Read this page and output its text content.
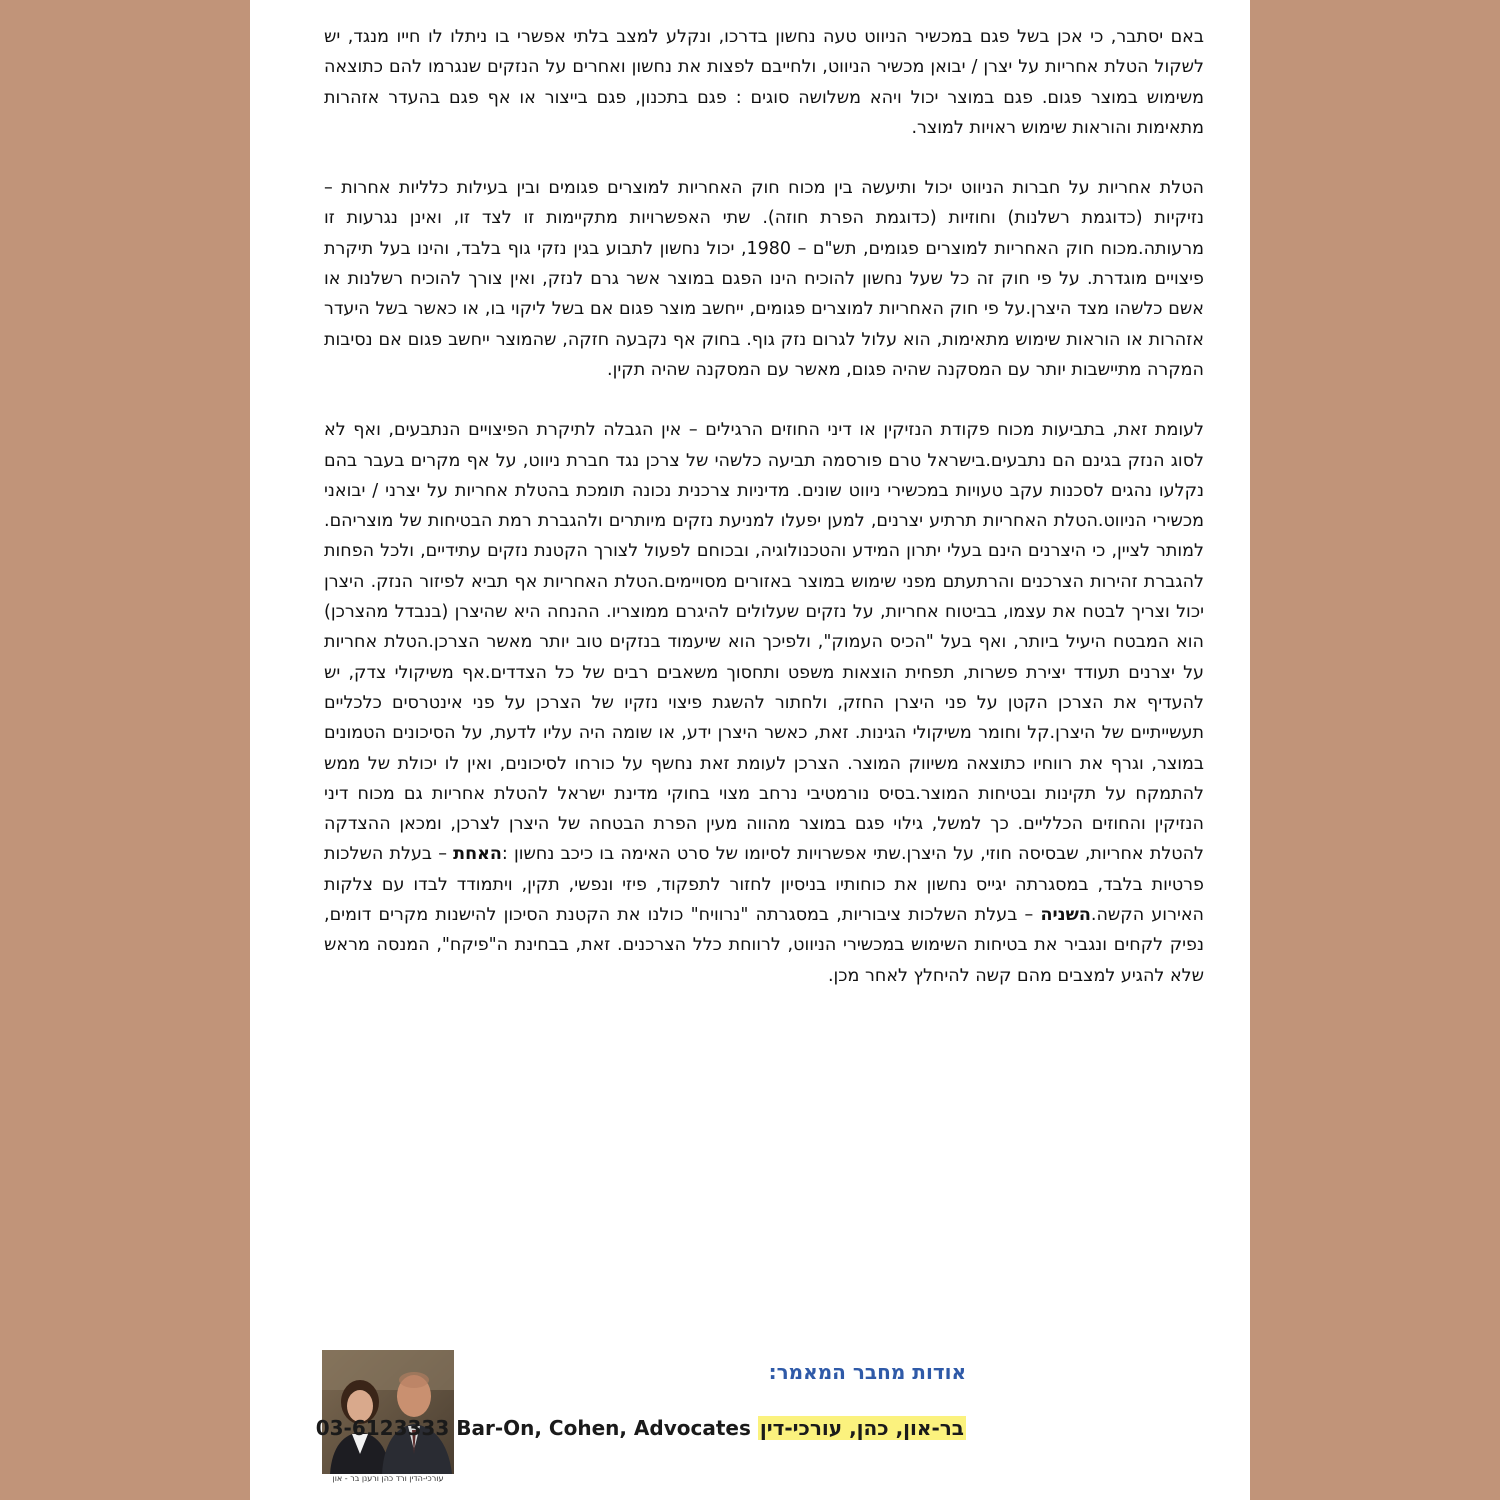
באם יסתבר, כי אכן בשל פגם במכשיר הניווט טעה נחשון בדרכו, ונקלע למצב בלתי אפשרי בו ניתלו לו חייו מנגד, יש לשקול הטלת אחריות על יצרן / יבואן מכשיר הניווט, ולחייבם לפצות את נחשון ואחרים על הנזקים שנגרמו להם כתוצאה משימוש במוצר פגום. פגם במוצר יכול ויהא משלושה סוגים : פגם בתכנון, פגם בייצור או אף פגם בהעדר אזהרות מתאימות והוראות שימוש ראויות למוצר.

הטלת אחריות על חברות הניווט יכול ותיעשה בין מכוח חוק האחריות למוצרים פגומים ובין בעילות כלליות אחרות – נזיקיות (כדוגמת רשלנות) וחוזיות (כדוגמת הפרת חוזה). שתי האפשרויות מתקיימות זו לצד זו, ואינן נגרעות זו מרעותה.מכוח חוק האחריות למוצרים פגומים, תש"ם – 1980, יכול נחשון לתבוע בגין נזקי גוף בלבד, והינו בעל תיקרת פיצויים מוגדרת. על פי חוק זה כל שעל נחשון להוכיח הינו הפגם במוצר אשר גרם לנזק, ואין צורך להוכיח רשלנות או אשם כלשהו מצד היצרן.על פי חוק האחריות למוצרים פגומים, ייחשב מוצר פגום אם בשל ליקוי בו, או כאשר בשל היעדר אזהרות או הוראות שימוש מתאימות, הוא עלול לגרום נזק גוף. בחוק אף נקבעה חזקה, שהמוצר ייחשב פגום אם נסיבות המקרה מתיישבות יותר עם המסקנה שהיה פגום, מאשר עם המסקנה שהיה תקין.

לעומת זאת, בתביעות מכוח פקודת הנזיקין או דיני החוזים הרגילים – אין הגבלה לתיקרת הפיצויים הנתבעים, ואף לא לסוג הנזק בגינם הם נתבעים.בישראל טרם פורסמה תביעה כלשהי של צרכן נגד חברת ניווט, על אף מקרים בעבר בהם נקלעו נהגים לסכנות עקב טעויות במכשירי ניווט שונים. מדיניות צרכנית נכונה תומכת בהטלת אחריות על יצרני / יבואני מכשירי הניווט.הטלת האחריות תרתיע יצרנים, למען יפעלו למניעת נזקים מיותרים ולהגברת רמת הבטיחות של מוצריהם. למותר לציין, כי היצרנים הינם בעלי יתרון המידע והטכנולוגיה, ובכוחם לפעול לצורך הקטנת נזקים עתידיים, ולכל הפחות להגברת זהירות הצרכנים והרתעתם מפני שימוש במוצר באזורים מסויימים.הטלת האחריות אף תביא לפיזור הנזק. היצרן יכול וצריך לבטח את עצמו, בביטוח אחריות, על נזקים שעלולים להיגרם ממוצריו. ההנחה היא שהיצרן (בנבדל מהצרכן) הוא המבטח היעיל ביותר, ואף בעל "הכיס העמוק", ולפיכך הוא שיעמוד בנזקים טוב יותר מאשר הצרכן.הטלת אחריות על יצרנים תעודד יצירת פשרות, תפחית הוצאות משפט ותחסוך משאבים רבים של כל הצדדים.אף משיקולי צדק, יש להעדיף את הצרכן הקטן על פני היצרן החזק, ולחתור להשגת פיצוי נזקיו של הצרכן על פני אינטרסים כלכליים תעשייתיים של היצרן.קל וחומר משיקולי הגינות. זאת, כאשר היצרן ידע, או שומה היה עליו לדעת, על הסיכונים הטמונים במוצר, וגרף את רווחיו כתוצאה משיווק המוצר. הצרכן לעומת זאת נחשף על כורחו לסיכונים, ואין לו יכולת של ממש להתמקח על תקינות ובטיחות המוצר.בסיס נורמטיבי נרחב מצוי בחוקי מדינת ישראל להטלת אחריות גם מכוח דיני הנזיקין והחוזים הכלליים. כך למשל, גילוי פגם במוצר מהווה מעין הפרת הבטחה של היצרן לצרכן, ומכאן ההצדקה להטלת אחריות, שבסיסה חוזי, על היצרן.שתי אפשרויות לסיומו של סרט האימה בו כיכב נחשון :האחת – בעלת השלכות פרטיות בלבד, במסגרתה יגייס נחשון את כוחותיו בניסיון לחזור לתפקוד, פיזי ונפשי, תקין, ויתמודד לבדו עם צלקות האירוע הקשה.השניה – בעלת השלכות ציבוריות, במסגרתה "נרוויח" כולנו את הקטנת הסיכון להישנות מקרים דומים, נפיק לקחים ונגביר את בטיחות השימוש במכשירי הניווט, לרווחת כלל הצרכנים. זאת, בבחינת ה"פיקח", המנסה מראש שלא להגיע למצבים מהם קשה להיחלץ לאחר מכן.

עורכי-הדין ורד כהן ורענן בר - און
אודות מחבר המאמר:
03-6123333 Bar-On, Cohen, Advocates בר-און, כהן, עורכי-דין
